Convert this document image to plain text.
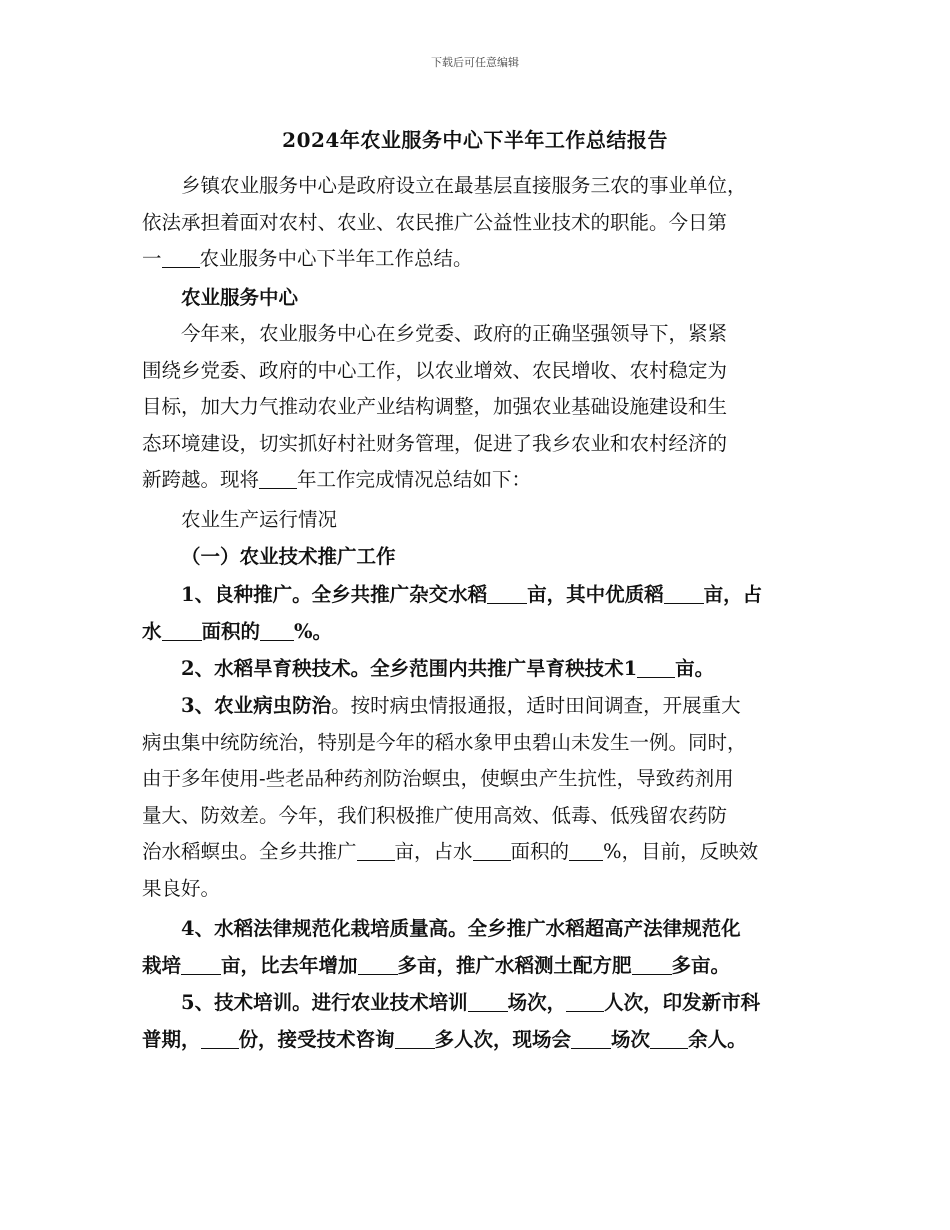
下载后可任意编辑
2024年农业服务中心下半年工作总结报告

乡镇农业服务中心是政府设立在最基层直接服务三农的事业单位，

依法承担着面对农村、农业、农民推广公益性业技术的职能。今日第

一 农业服务中心下半年工作总结。

农业服务中心

今年来，农业服务中心在乡党委、政府的正确坚强领导下，紧紧

围绕乡党委、政府的中心工作，以农业增效、农民增收、农村稳定为

目标，加大力气推动农业产业结构调整，加强农业基础设施建设和生

态环境建设，切实抓好村社财务管理，促进了我乡农业和农村经济的

新跨越。现将 年工作完成情况总结如下：

农业生产运行情况

（一）农业技术推广工作

1、良种推广。全乡共推广杂交水稻 亩，其中优质稻 亩，占

水 面积的 %。

2、水稻旱育秧技术。全乡范围内共推广旱育秧技术1 亩。

3、农业病虫防治。按时病虫情报通报，适时田间调查，开展重大

病虫集中统防统治，特别是今年的稻水象甲虫碧山未发生一例。同时，

由于多年使用-些老品种药剂防治螟虫，使螟虫产生抗性，导致药剂用

量大、防效差。今年，我们积极推广使用高效、低毒、低残留农药防

治水稻螟虫。全乡共推广 亩，占水 面积的 %，目前，反映效

果良好。

4、水稻法律规范化栽培质量高。全乡推广水稻超高产法律规范化

栽培 亩，比去年增加 多亩，推广水稻测土配方肥 多亩。

5、技术培训。进行农业技术培训 场次， 人次，印发新市科

普期， 份，接受技术咨询 多人次，现场会 场次 余人。
